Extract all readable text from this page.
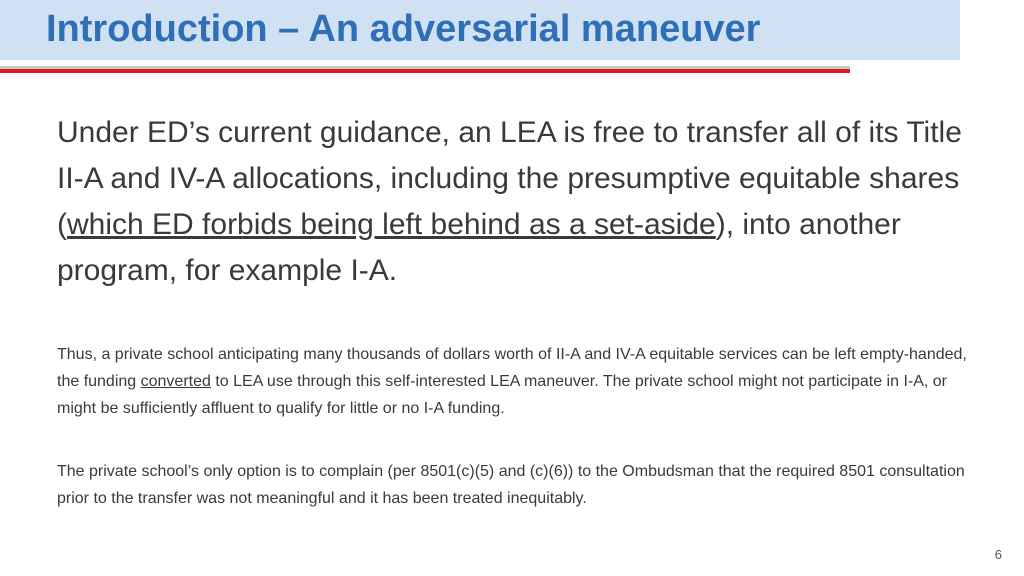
Introduction – An adversarial maneuver

Under ED’s current guidance, an LEA is free to transfer all of its Title II-A and IV-A allocations, including the presumptive equitable shares (which ED forbids being left behind as a set-aside), into another program, for example I-A.

Thus, a private school anticipating many thousands of dollars worth of II-A and IV-A equitable services can be left empty-handed, the funding converted to LEA use through this self-interested LEA maneuver. The private school might not participate in I-A, or might be sufficiently affluent to qualify for little or no I-A funding.

The private school’s only option is to complain (per 8501(c)(5) and (c)(6)) to the Ombudsman that the required 8501 consultation prior to the transfer was not meaningful and it has been treated inequitably.

6
